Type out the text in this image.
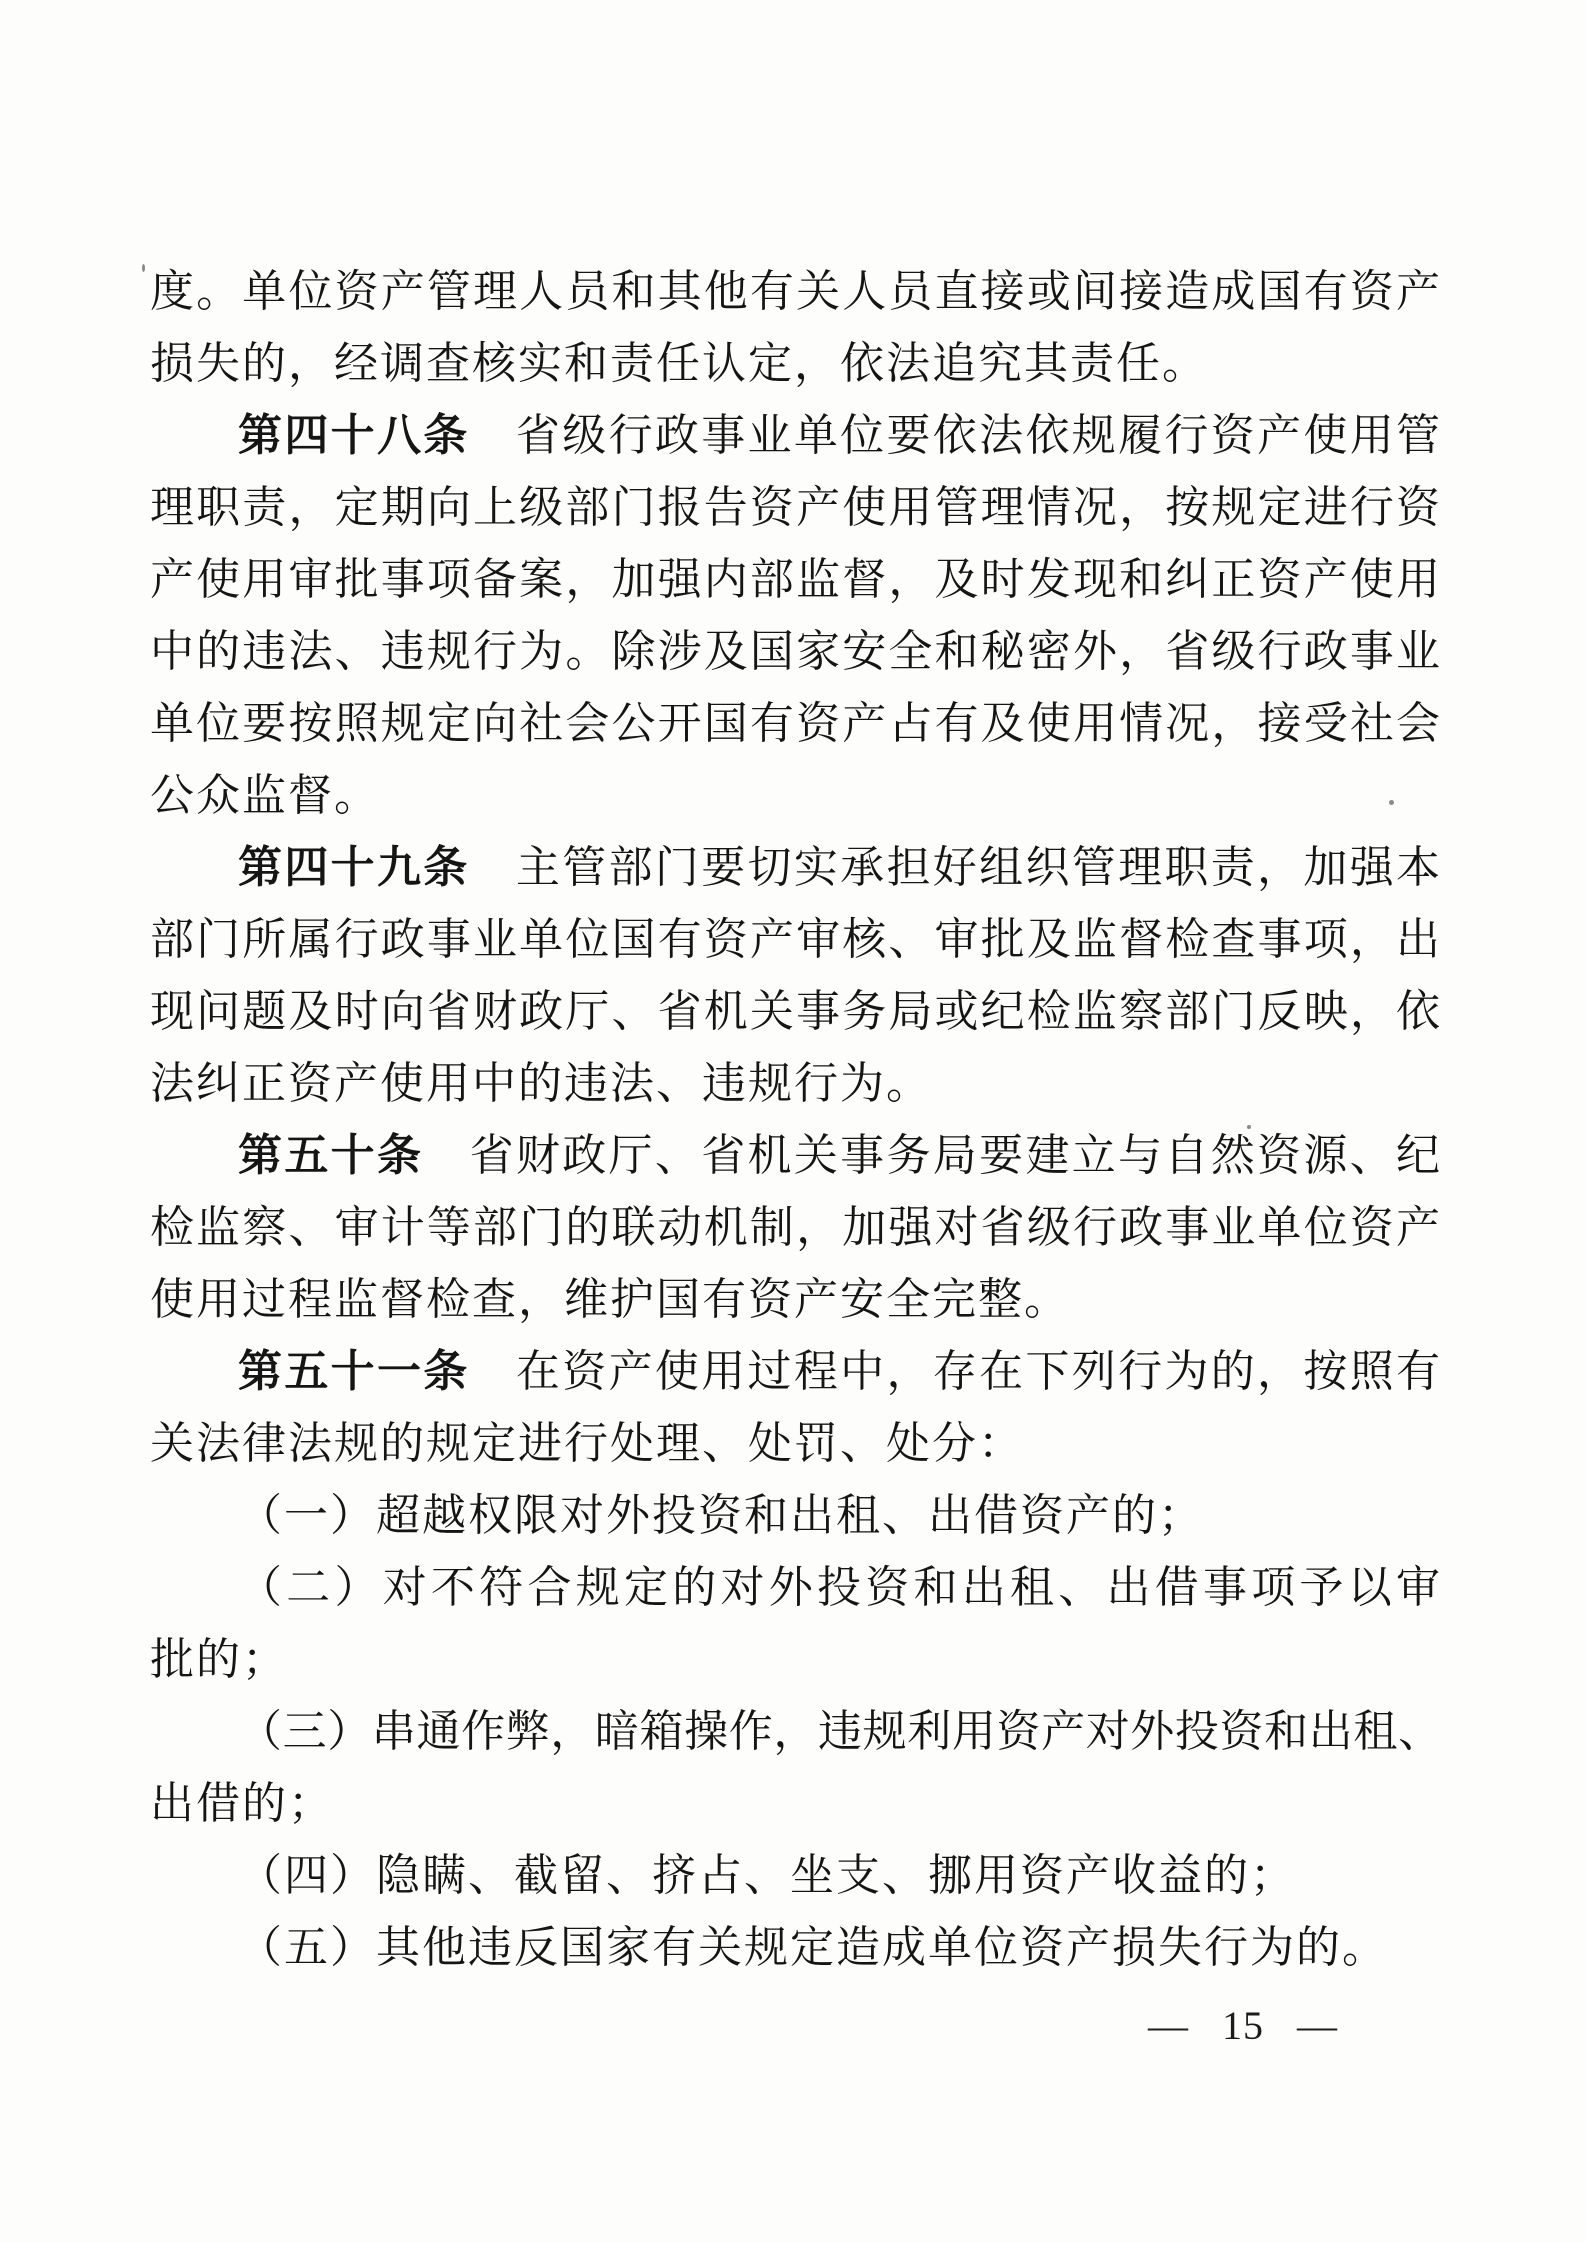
度。单位资产管理人员和其他有关人员直接或间接造成国有资产
损失的，经调查核实和责任认定，依法追究其责任。
第四十八条　省级行政事业单位要依法依规履行资产使用管
理职责，定期向上级部门报告资产使用管理情况，按规定进行资
产使用审批事项备案，加强内部监督，及时发现和纠正资产使用
中的违法、违规行为。除涉及国家安全和秘密外，省级行政事业
单位要按照规定向社会公开国有资产占有及使用情况，接受社会
公众监督。
第四十九条　主管部门要切实承担好组织管理职责，加强本
部门所属行政事业单位国有资产审核、审批及监督检查事项，出
现问题及时向省财政厅、省机关事务局或纪检监察部门反映，依
法纠正资产使用中的违法、违规行为。
第五十条　省财政厅、省机关事务局要建立与自然资源、纪
检监察、审计等部门的联动机制，加强对省级行政事业单位资产
使用过程监督检查，维护国有资产安全完整。
第五十一条　在资产使用过程中，存在下列行为的，按照有
关法律法规的规定进行处理、处罚、处分：
（一）超越权限对外投资和出租、出借资产的；
（二）对不符合规定的对外投资和出租、出借事项予以审
批的；
（三）串通作弊，暗箱操作，违规利用资产对外投资和出租、
出借的；
（四）隐瞒、截留、挤占、坐支、挪用资产收益的；
（五）其他违反国家有关规定造成单位资产损失行为的。
— 15 —
